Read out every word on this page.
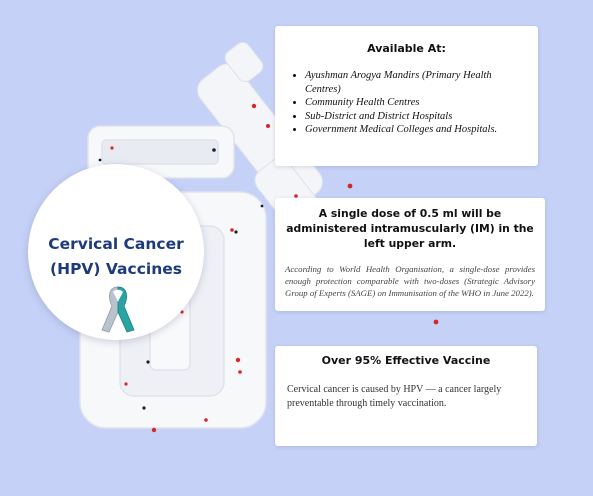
Cervical Cancer
(HPV) Vaccines

Available At:

• Ayushman Arogya Mandirs (Primary Health Centres)
• Community Health Centres
• Sub-District and District Hospitals
• Government Medical Colleges and Hospitals.

A single dose of 0.5 ml will be administered intramuscularly (IM) in the left upper arm.

According to World Health Organisation, a single-dose provides enough protection comparable with two-doses (Strategic Advisory Group of Experts (SAGE) on Immunisation of the WHO in June 2022).

Over 95% Effective Vaccine

Cervical cancer is caused by HPV — a cancer largely preventable through timely vaccination.
